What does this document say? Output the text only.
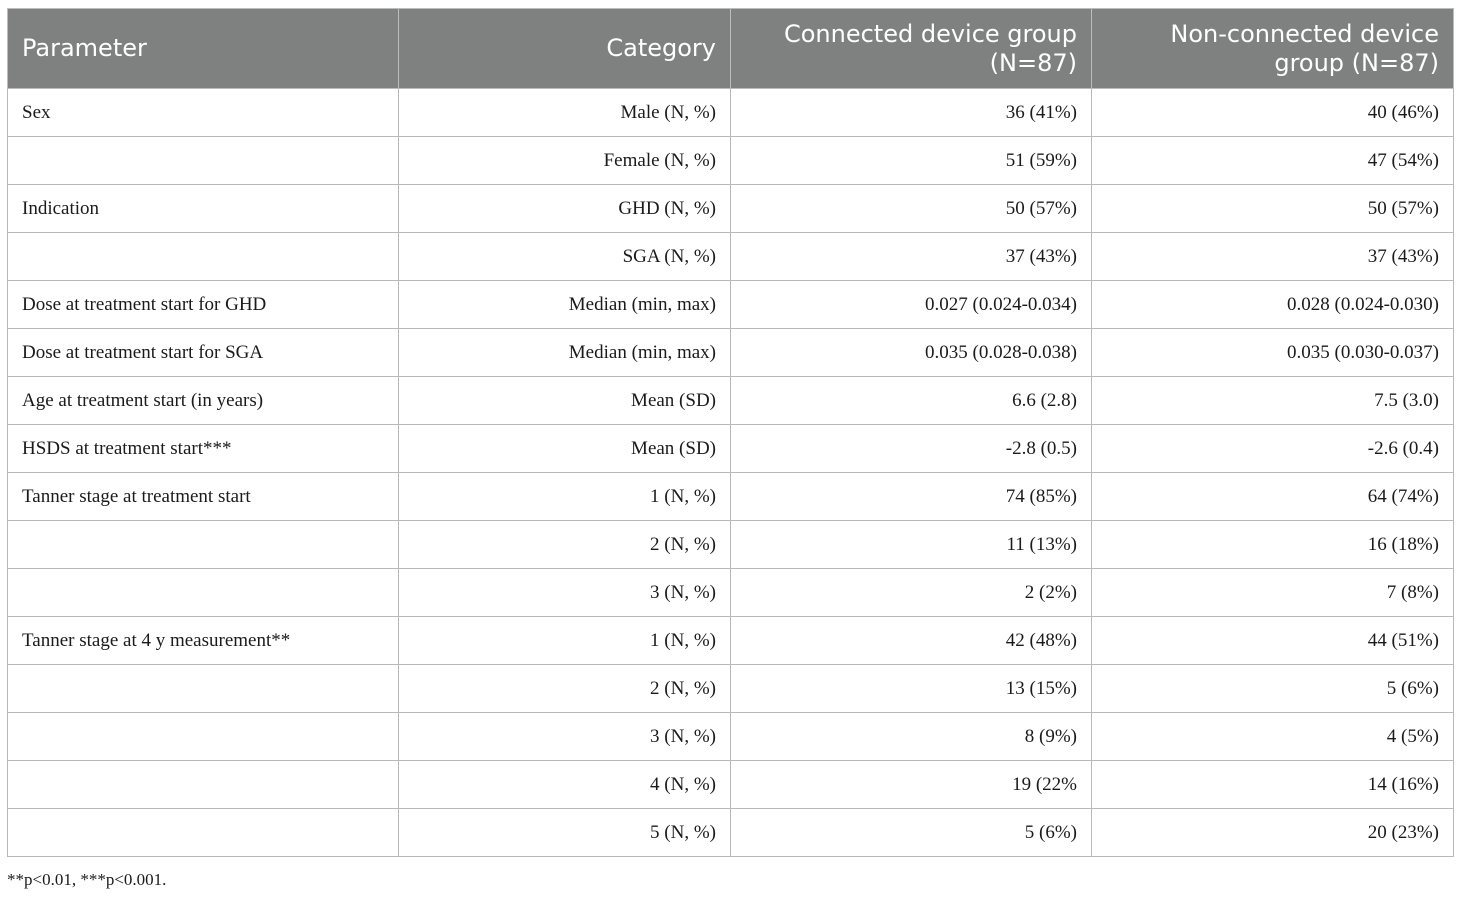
Parameter	Category	Connected device group (N=87)	Non-connected device group (N=87)
Sex	Male (N, %)	36 (41%)	40 (46%)
	Female (N, %)	51 (59%)	47 (54%)
Indication	GHD (N, %)	50 (57%)	50 (57%)
	SGA (N, %)	37 (43%)	37 (43%)
Dose at treatment start for GHD	Median (min, max)	0.027 (0.024-0.034)	0.028 (0.024-0.030)
Dose at treatment start for SGA	Median (min, max)	0.035 (0.028-0.038)	0.035 (0.030-0.037)
Age at treatment start (in years)	Mean (SD)	6.6 (2.8)	7.5 (3.0)
HSDS at treatment start***	Mean (SD)	-2.8 (0.5)	-2.6 (0.4)
Tanner stage at treatment start	1 (N, %)	74 (85%)	64 (74%)
	2 (N, %)	11 (13%)	16 (18%)
	3 (N, %)	2 (2%)	7 (8%)
Tanner stage at 4 y measurement**	1 (N, %)	42 (48%)	44 (51%)
	2 (N, %)	13 (15%)	5 (6%)
	3 (N, %)	8 (9%)	4 (5%)
	4 (N, %)	19 (22%	14 (16%)
	5 (N, %)	5 (6%)	20 (23%)
**p<0.01, ***p<0.001.
